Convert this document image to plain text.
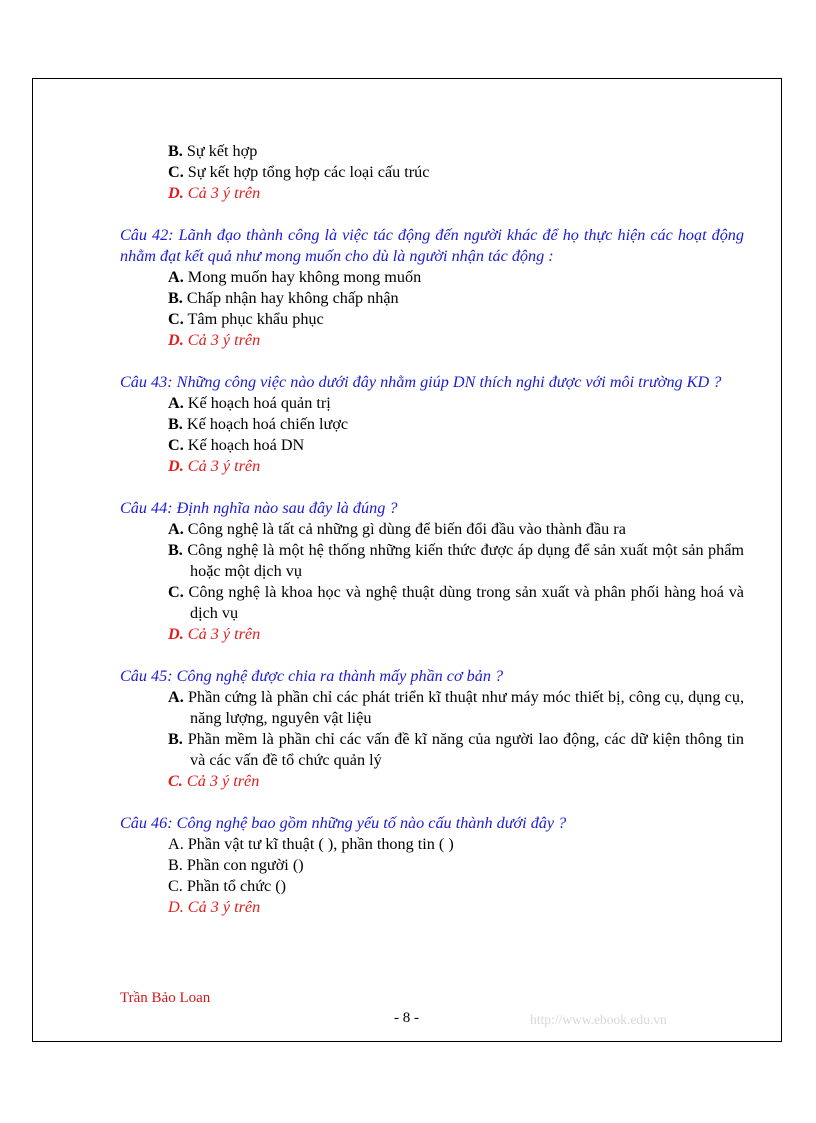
B. Sự kết hợp
C. Sự kết hợp tổng hợp các loại cấu trúc
D. Cả 3 ý trên
Câu 42: Lãnh đạo thành công là việc tác động đến người khác để họ thực hiện các hoạt động nhằm đạt kết quả như mong muốn cho dù là người nhận tác động :
A. Mong muốn hay không mong muốn
B. Chấp nhận hay không chấp nhận
C. Tâm phục khẩu phục
D. Cả 3 ý trên
Câu 43: Những công việc nào dưới đây nhằm giúp DN thích nghi được với môi trường KD ?
A. Kế hoạch hoá quản trị
B. Kế hoạch hoá chiến lược
C. Kế hoạch hoá DN
D. Cả 3 ý trên
Câu 44: Định nghĩa nào sau đây là đúng ?
A. Công nghệ là tất cả những gì dùng để biến đổi đầu vào thành đầu ra
B. Công nghệ là một hệ thống những kiến thức được áp dụng để sản xuất một sản phẩm hoặc một dịch vụ
C. Công nghệ là khoa học và nghệ thuật dùng trong sản xuất và phân phối hàng hoá và dịch vụ
D. Cả 3 ý trên
Câu 45: Công nghệ được chia ra thành mấy phần cơ bản ?
A. Phần cứng là phần chỉ các phát triển kĩ thuật như máy móc thiết bị, công cụ, dụng cụ, năng lượng, nguyên vật liệu
B. Phần mềm là phần chỉ các vấn đề kĩ năng của người lao động, các dữ kiện thông tin và các vấn đề tổ chức quản lý
C. Cả 3 ý trên
Câu 46: Công nghệ bao gồm những yếu tố nào cấu thành dưới đây ?
A. Phần vật tư kĩ thuật ( ), phần thong tin ( )
B. Phần con người ()
C. Phần tổ chức ()
D. Cả 3 ý trên
Trần Bảo Loan
- 8 -	http://www.ebook.edu.vn
